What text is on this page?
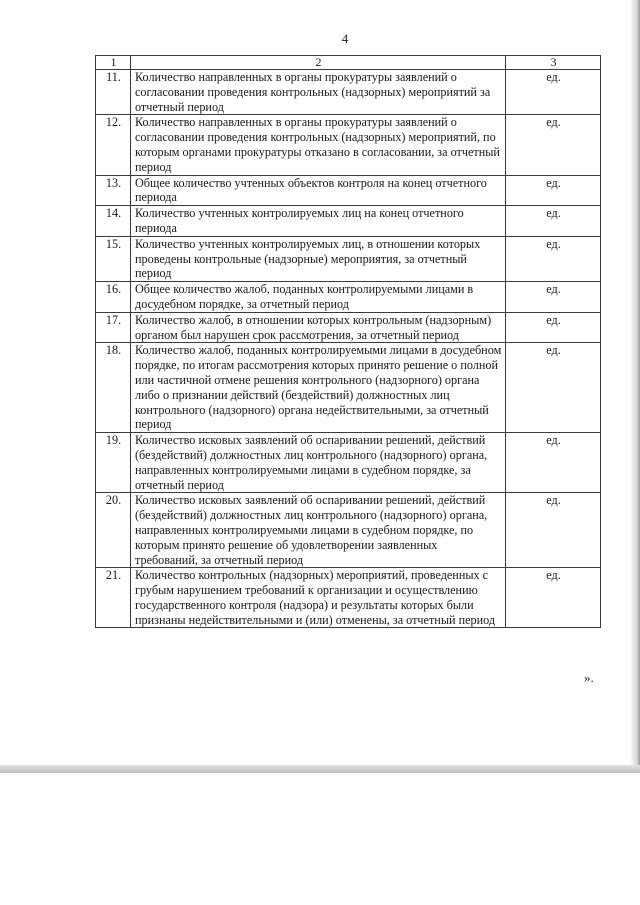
4
1	2	3
11.	Количество направленных в органы прокуратуры заявлений о согласовании проведения контрольных (надзорных) мероприятий за отчетный период	ед.
12.	Количество направленных в органы прокуратуры заявлений о согласовании проведения контрольных (надзорных) мероприятий, по которым органами прокуратуры отказано в согласовании, за отчетный период	ед.
13.	Общее количество учтенных объектов контроля на конец отчетного периода	ед.
14.	Количество учтенных контролируемых лиц на конец отчетного периода	ед.
15.	Количество учтенных контролируемых лиц, в отношении которых проведены контрольные (надзорные) мероприятия, за отчетный период	ед.
16.	Общее количество жалоб, поданных контролируемыми лицами в досудебном порядке, за отчетный период	ед.
17.	Количество жалоб, в отношении которых контрольным (надзорным) органом был нарушен срок рассмотрения, за отчетный период	ед.
18.	Количество жалоб, поданных контролируемыми лицами в досудебном порядке, по итогам рассмотрения которых принято решение о полной или частичной отмене решения контрольного (надзорного) органа либо о признании действий (бездействий) должностных лиц контрольного (надзорного) органа недействительными, за отчетный период	ед.
19.	Количество исковых заявлений об оспаривании решений, действий (бездействий) должностных лиц контрольного (надзорного) органа, направленных контролируемыми лицами в судебном порядке, за отчетный период	ед.
20.	Количество исковых заявлений об оспаривании решений, действий (бездействий) должностных лиц контрольного (надзорного) органа, направленных контролируемыми лицами в судебном порядке, по которым принято решение об удовлетворении заявленных требований, за отчетный период	ед.
21.	Количество контрольных (надзорных) мероприятий, проведенных с грубым нарушением требований к организации и осуществлению государственного контроля (надзора) и результаты которых были признаны недействительными и (или) отменены, за отчетный период	ед.
».
